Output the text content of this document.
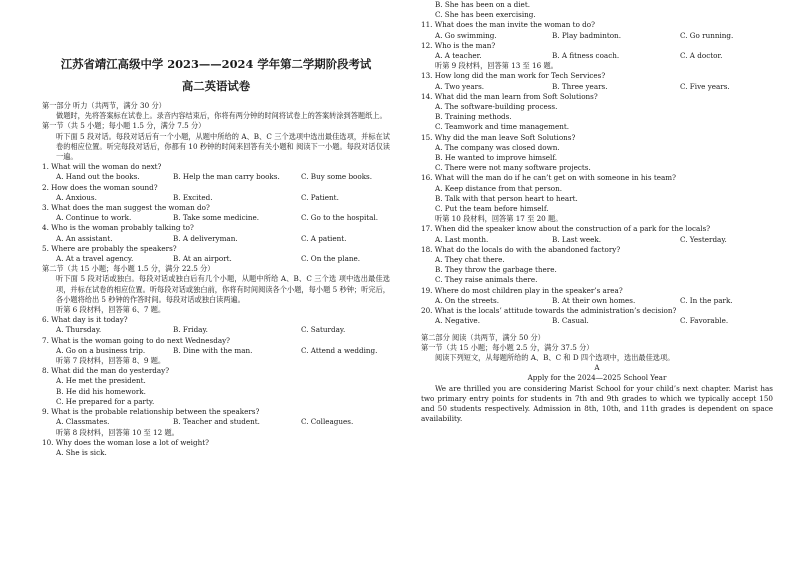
江苏省靖江高级中学 2023——2024 学年第二学期阶段考试
高二英语试卷
第一部分 听力（共两节，满分 30 分）
做题时，先将答案标在试卷上。录音内容结束后，你将有两分钟的时间将试卷上的答案转涂到答题纸上。
第一节（共 5 小题；每小题 1.5 分，满分 7.5 分）
听下面 5 段对话。每段对话后有一个小题，从题中所给的 A、B、C 三个选项中选出最佳选项，并标在试卷的相应位置。听完每段对话后，你都有 10 秒钟的时间来回答有关小题和 阅读下一小题。每段对话仅读一遍。
1. What will the woman do next?
A. Hand out the books.	B. Help the man carry books.	C. Buy some books.
2. How does the woman sound?
A. Anxious.	B. Excited.	C. Patient.
3. What does the man suggest the woman do?
A. Continue to work.	B. Take some medicine.	C. Go to the hospital.
4. Who is the woman probably talking to?
A. An assistant.	B. A deliveryman.	C. A patient.
5. Where are probably the speakers?
A. At a travel agency.	B. At an airport.	C. On the plane.
第二节（共 15 小题；每小题 1.5 分，满分 22.5 分）
听下面 5 段对话或独白。每段对话或独白后有几个小题，从题中所给 A、B、C 三个选 项中选出最佳选项，并标在试卷的相应位置。听每段对话或独白前，你将有时间阅读各个小题，每小题 5 秒钟；听完后，各小题将给出 5 秒钟的作答时间。每段对话或独白读两遍。
听第 6 段材料，回答第 6、7 题。
6. What day is it today?
A. Thursday.	B. Friday.	C. Saturday.
7. What is the woman going to do next Wednesday?
A. Go on a business trip.	B. Dine with the man.	C. Attend a wedding.
听第 7 段材料，回答第 8、9 题。
8. What did the man do yesterday?
A. He met the president.
B. He did his homework.
C. He prepared for a party.
9. What is the probable relationship between the speakers?
A. Classmates.	B. Teacher and student.	C. Colleagues.
听第 8 段材料，回答第 10 至 12 题。
10. Why does the woman lose a lot of weight?
A. She is sick.
B. She has been on a diet.
C. She has been exercising.
11. What does the man invite the woman to do?
A. Go swimming.	B. Play badminton.	C. Go running.
12. Who is the man?
A. A teacher.	B. A fitness coach.	C. A doctor.
听第 9 段材料，回答第 13 至 16 题。
13. How long did the man work for Tech Services?
A. Two years.	B. Three years.	C. Five years.
14. What did the man learn from Soft Solutions?
A. The software-building process.
B. Training methods.
C. Teamwork and time management.
15. Why did the man leave Soft Solutions?
A. The company was closed down.
B. He wanted to improve himself.
C. There were not many software projects.
16. What will the man do if he can’t get on with someone in his team?
A. Keep distance from that person.
B. Talk with that person heart to heart.
C. Put the team before himself.
听第 10 段材料，回答第 17 至 20 题。
17. When did the speaker know about the construction of a park for the locals?
A. Last month.	B. Last week.	C. Yesterday.
18. What do the locals do with the abandoned factory?
A. They chat there.
B. They throw the garbage there.
C. They raise animals there.
19. Where do most children play in the speaker’s area?
A. On the streets.	B. At their own homes.	C. In the park.
20. What is the locals’ attitude towards the administration’s decision?
A. Negative.	B. Casual.	C. Favorable.
第二部分 阅读（共两节，满分 50 分）
第一节（共 15 小题；每小题 2.5 分，满分 37.5 分）
阅读下列短文，从每题所给的 A、B、C 和 D 四个选项中，选出最佳选项。
A
Apply for the 2024—2025 School Year
We are thrilled you are considering Marist School for your child’s next chapter. Marist has two primary entry points for students in 7th and 9th grades to which we typically accept 150 and 50 students respectively. Admission in 8th, 10th, and 11th grades is dependent on space availability.
